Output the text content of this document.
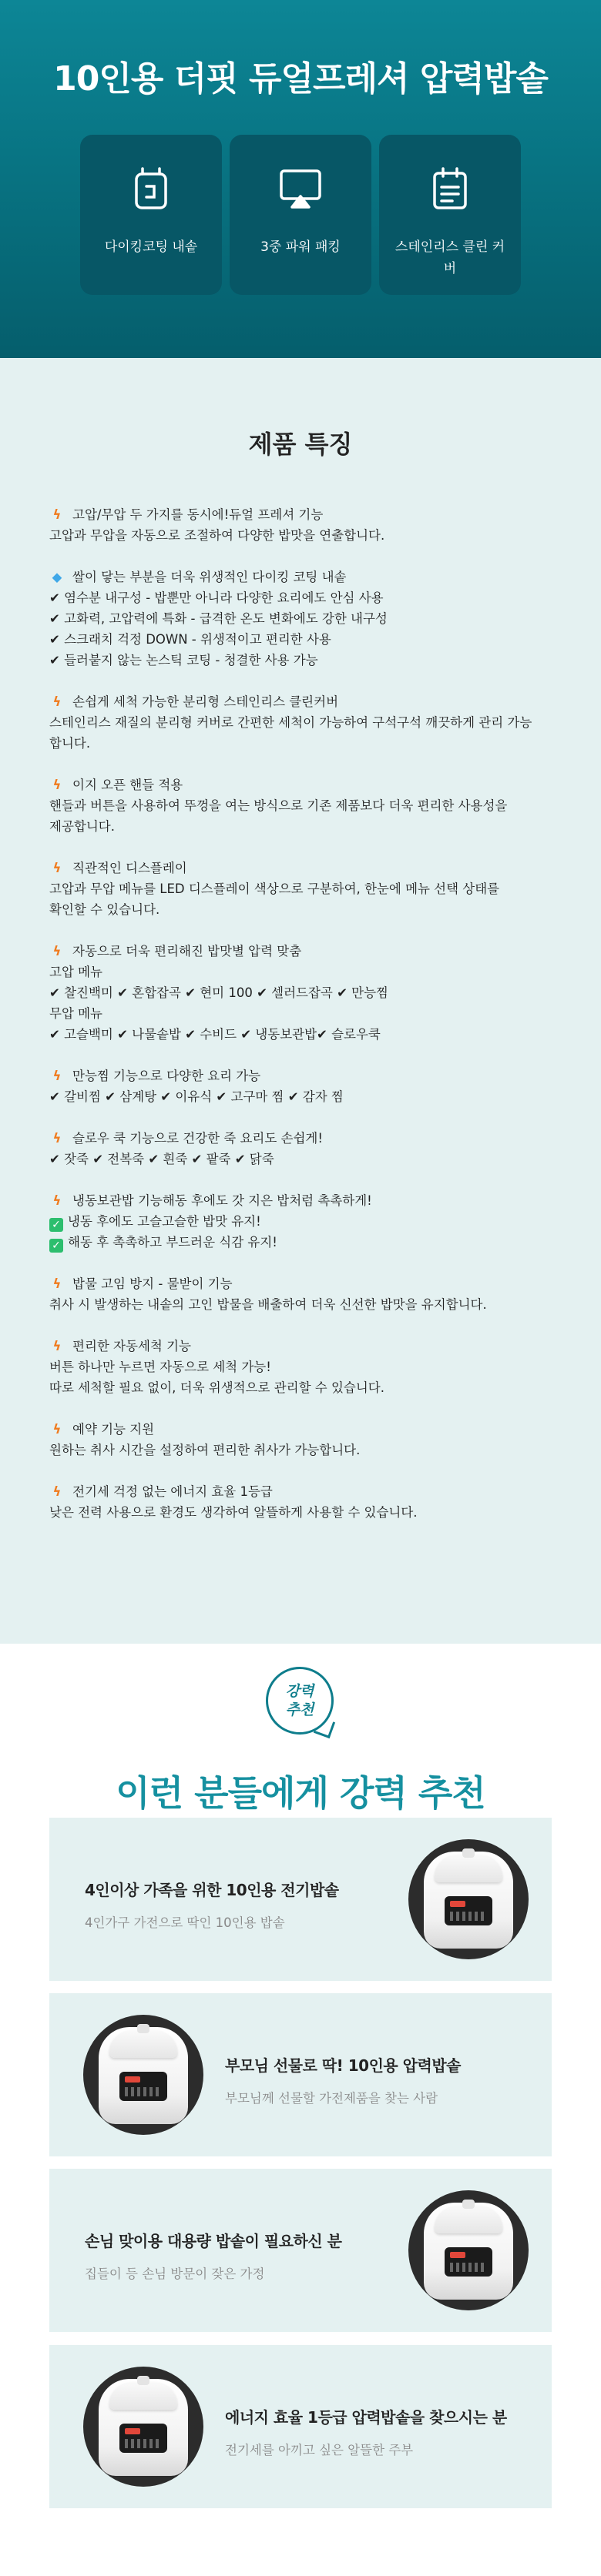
10인용 더핏 듀얼프레셔 압력밥솥
다이킹코팅 내솥	3중 파워 패킹	스테인리스 클린 커버
제품 특징
ϟ 고압/무압 두 가지를 동시에!듀얼 프레셔 기능
고압과 무압을 자동으로 조절하여 다양한 밥맛을 연출합니다.
◆ 쌀이 닿는 부분을 더욱 위생적인 다이킹 코팅 내솥
✔ 염수분 내구성 - 밥뿐만 아니라 다양한 요리에도 안심 사용
✔ 고화력, 고압력에 특화 - 급격한 온도 변화에도 강한 내구성
✔ 스크래치 걱정 DOWN - 위생적이고 편리한 사용
✔ 들러붙지 않는 논스틱 코팅 - 청결한 사용 가능
ϟ 손쉽게 세척 가능한 분리형 스테인리스 클린커버
스테인리스 재질의 분리형 커버로 간편한 세척이 가능하여 구석구석 깨끗하게 관리 가능
합니다.
ϟ 이지 오픈 핸들 적용
핸들과 버튼을 사용하여 뚜껑을 여는 방식으로 기존 제품보다 더욱 편리한 사용성을
제공합니다.
ϟ 직관적인 디스플레이
고압과 무압 메뉴를 LED 디스플레이 색상으로 구분하여, 한눈에 메뉴 선택 상태를
확인할 수 있습니다.
ϟ 자동으로 더욱 편리해진 밥맛별 압력 맞춤
고압 메뉴
✔ 찰진백미 ✔ 혼합잡곡 ✔ 현미 100 ✔ 셀러드잡곡 ✔ 만능찜
무압 메뉴
✔ 고슬백미 ✔ 나물솥밥 ✔ 수비드 ✔ 냉동보관밥✔ 슬로우쿡
ϟ 만능찜 기능으로 다양한 요리 가능
✔ 갈비찜 ✔ 삼계탕 ✔ 이유식 ✔ 고구마 찜 ✔ 감자 찜
ϟ 슬로우 쿡 기능으로 건강한 죽 요리도 손쉽게!
✔ 잣죽 ✔ 전복죽 ✔ 흰죽 ✔ 팥죽 ✔ 닭죽
ϟ 냉동보관밥 기능해동 후에도 갓 지은 밥처럼 촉촉하게!
✓ 냉동 후에도 고슬고슬한 밥맛 유지!
✓ 해동 후 촉촉하고 부드러운 식감 유지!
ϟ 밥물 고임 방지 - 물받이 기능
취사 시 발생하는 내솥의 고인 밥물을 배출하여 더욱 신선한 밥맛을 유지합니다.
ϟ 편리한 자동세척 기능
버튼 하나만 누르면 자동으로 세척 가능!
따로 세척할 필요 없이, 더욱 위생적으로 관리할 수 있습니다.
ϟ 예약 기능 지원
원하는 취사 시간을 설정하여 편리한 취사가 가능합니다.
ϟ 전기세 걱정 없는 에너지 효율 1등급
낮은 전력 사용으로 환경도 생각하여 알뜰하게 사용할 수 있습니다.
강력
추천
이런 분들에게 강력 추천
4인이상 가족을 위한 10인용 전기밥솥
4인가구 가전으로 딱인 10인용 밥솥
부모님 선물로 딱! 10인용 압력밥솥
부모님께 선물할 가전제품을 찾는 사람
손님 맞이용 대용량 밥솥이 필요하신 분
집들이 등 손님 방문이 잦은 가정
에너지 효율 1등급 압력밥솥을 찾으시는 분
전기세를 아끼고 싶은 알뜰한 주부
